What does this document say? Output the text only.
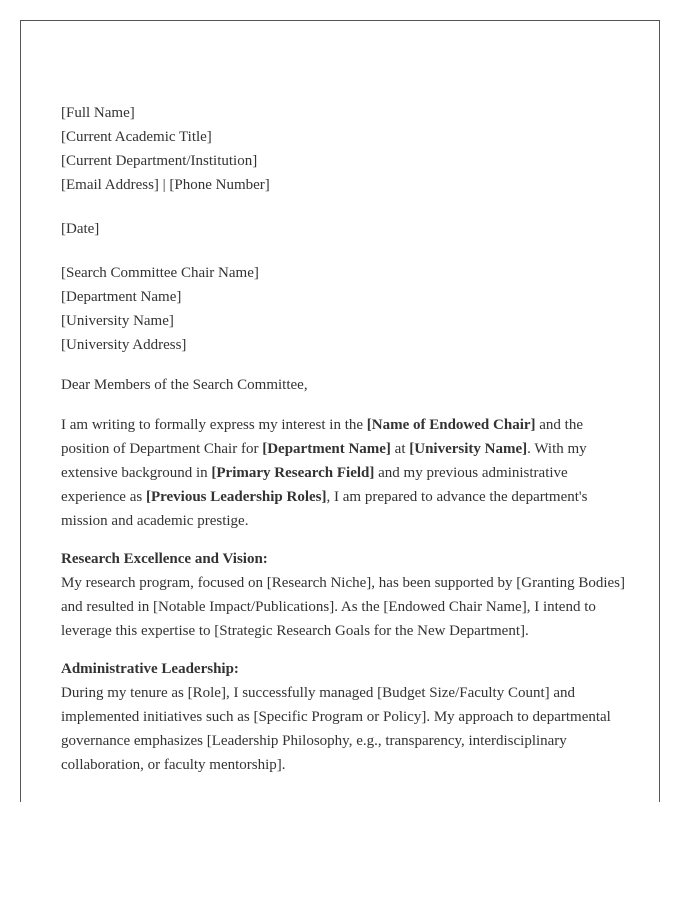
[Full Name]
[Current Academic Title]
[Current Department/Institution]
[Email Address] | [Phone Number]
[Date]
[Search Committee Chair Name]
[Department Name]
[University Name]
[University Address]
Dear Members of the Search Committee,
I am writing to formally express my interest in the [Name of Endowed Chair] and the position of Department Chair for [Department Name] at [University Name]. With my extensive background in [Primary Research Field] and my previous administrative experience as [Previous Leadership Roles], I am prepared to advance the department's mission and academic prestige.
Research Excellence and Vision:
My research program, focused on [Research Niche], has been supported by [Granting Bodies] and resulted in [Notable Impact/Publications]. As the [Endowed Chair Name], I intend to leverage this expertise to [Strategic Research Goals for the New Department].
Administrative Leadership:
During my tenure as [Role], I successfully managed [Budget Size/Faculty Count] and implemented initiatives such as [Specific Program or Policy]. My approach to departmental governance emphasizes [Leadership Philosophy, e.g., transparency, interdisciplinary collaboration, or faculty mentorship].
